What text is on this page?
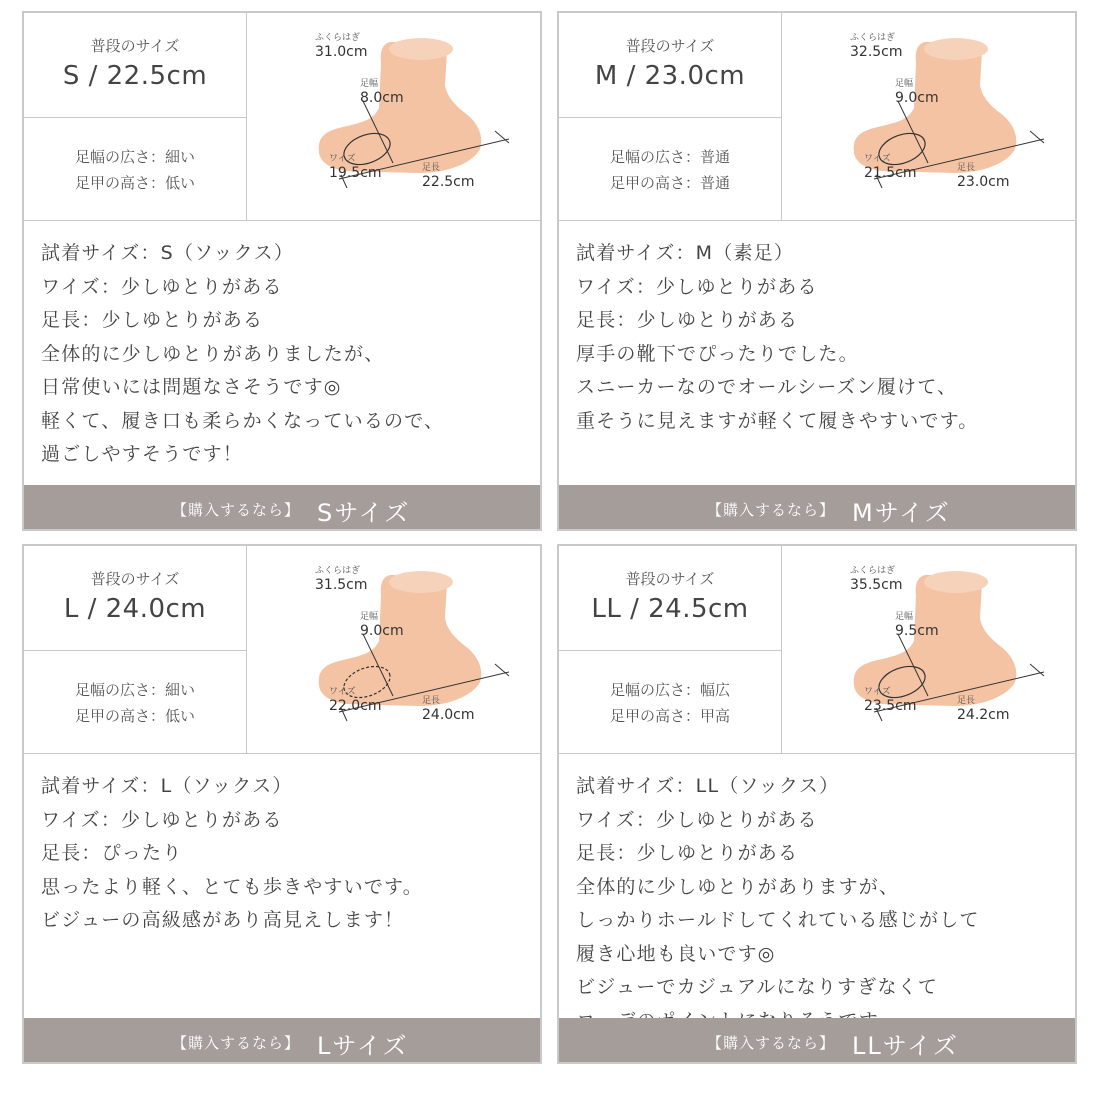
普段のサイズ
S / 22.5cm
足幅の広さ：細い
足甲の高さ：低い
ふくらはぎ
31.0cm
足幅
8.0cm
ワイズ
19.5cm	足長
22.5cm
試着サイズ：S（ソックス）
ワイズ：少しゆとりがある
足長：少しゆとりがある
全体的に少しゆとりがありましたが、
日常使いには問題なさそうです◎
軽くて、履き口も柔らかくなっているので、
過ごしやすそうです！
【購入するなら】 Sサイズ
普段のサイズ
M / 23.0cm
足幅の広さ：普通
足甲の高さ：普通
ふくらはぎ
32.5cm
足幅
9.0cm
ワイズ
21.5cm	足長
23.0cm
試着サイズ：M（素足）
ワイズ：少しゆとりがある
足長：少しゆとりがある
厚手の靴下でぴったりでした。
スニーカーなのでオールシーズン履けて、
重そうに見えますが軽くて履きやすいです。
【購入するなら】 Mサイズ
普段のサイズ
L / 24.0cm
足幅の広さ：細い
足甲の高さ：低い
ふくらはぎ
31.5cm
足幅
9.0cm
ワイズ
22.0cm	足長
24.0cm
試着サイズ：L（ソックス）
ワイズ：少しゆとりがある
足長：ぴったり
思ったより軽く、とても歩きやすいです。
ビジューの高級感があり高見えします！
【購入するなら】 Lサイズ
普段のサイズ
LL / 24.5cm
足幅の広さ：幅広
足甲の高さ：甲高
ふくらはぎ
35.5cm
足幅
9.5cm
ワイズ
23.5cm	足長
24.2cm
試着サイズ：LL（ソックス）
ワイズ：少しゆとりがある
足長：少しゆとりがある
全体的に少しゆとりがありますが、
しっかりホールドしてくれている感じがして
履き心地も良いです◎
ビジューでカジュアルになりすぎなくて
【購入するなら】 LLサイズ
